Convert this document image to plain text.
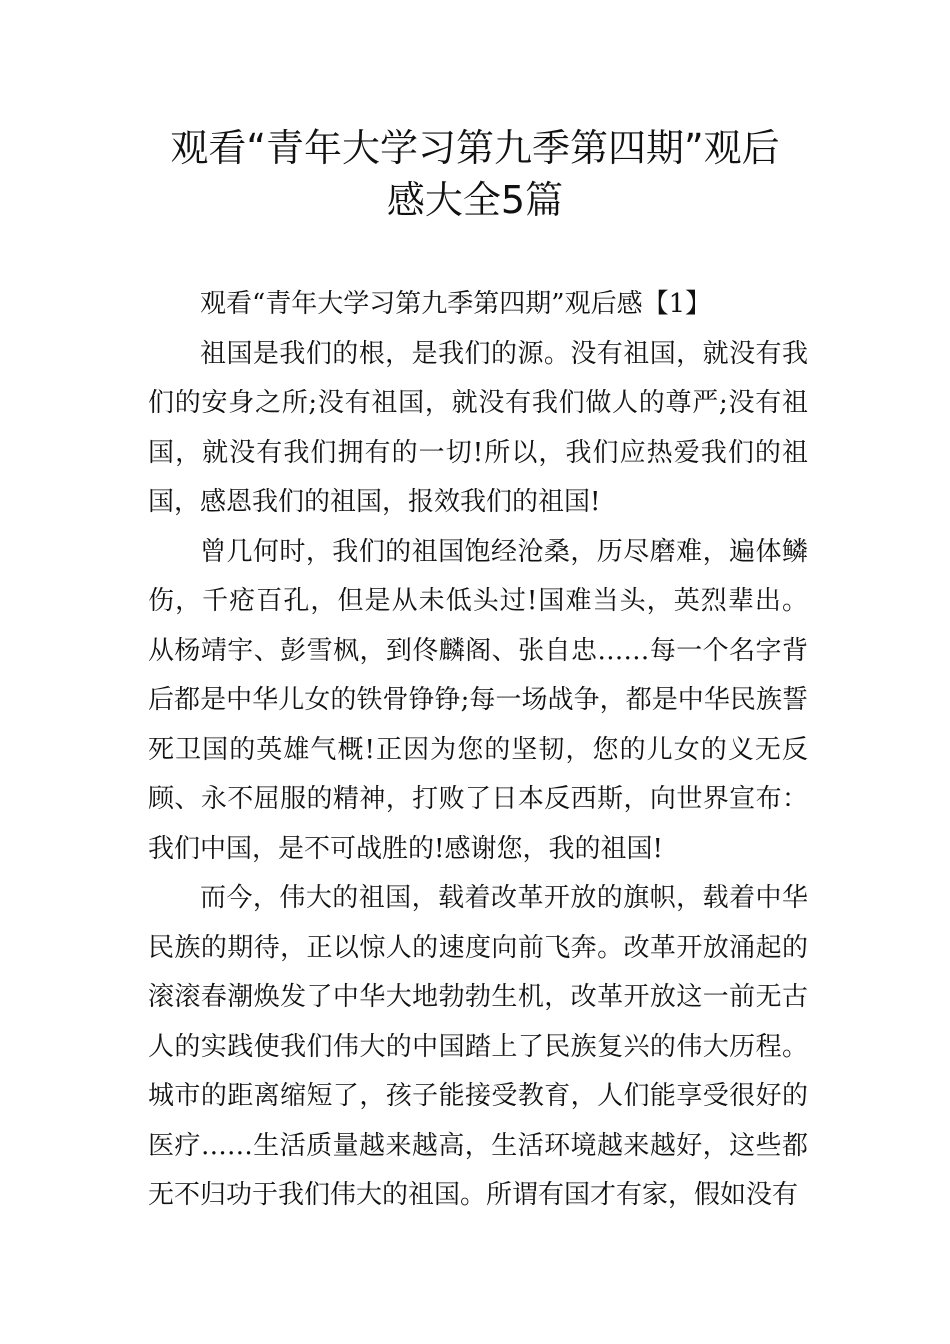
观看“青年大学习第九季第四期”观后
感大全5篇

观看“青年大学习第九季第四期”观后感【1】

祖国是我们的根，是我们的源。没有祖国，就没有我们的安身之所;没有祖国，就没有我们做人的尊严;没有祖国，就没有我们拥有的一切!所以，我们应热爱我们的祖国，感恩我们的祖国，报效我们的祖国!

曾几何时，我们的祖国饱经沧桑，历尽磨难，遍体鳞伤，千疮百孔，但是从未低头过!国难当头，英烈辈出。从杨靖宇、彭雪枫，到佟麟阁、张自忠……每一个名字背后都是中华儿女的铁骨铮铮;每一场战争，都是中华民族誓死卫国的英雄气概!正因为您的坚韧，您的儿女的义无反顾、永不屈服的精神，打败了日本反西斯，向世界宣布：我们中国，是不可战胜的!感谢您，我的祖国!

而今，伟大的祖国，载着改革开放的旗帜，载着中华民族的期待，正以惊人的速度向前飞奔。改革开放涌起的滚滚春潮焕发了中华大地勃勃生机，改革开放这一前无古人的实践使我们伟大的中国踏上了民族复兴的伟大历程。城市的距离缩短了，孩子能接受教育，人们能享受很好的医疗……生活质量越来越高，生活环境越来越好，这些都无不归功于我们伟大的祖国。所谓有国才有家，假如没有
